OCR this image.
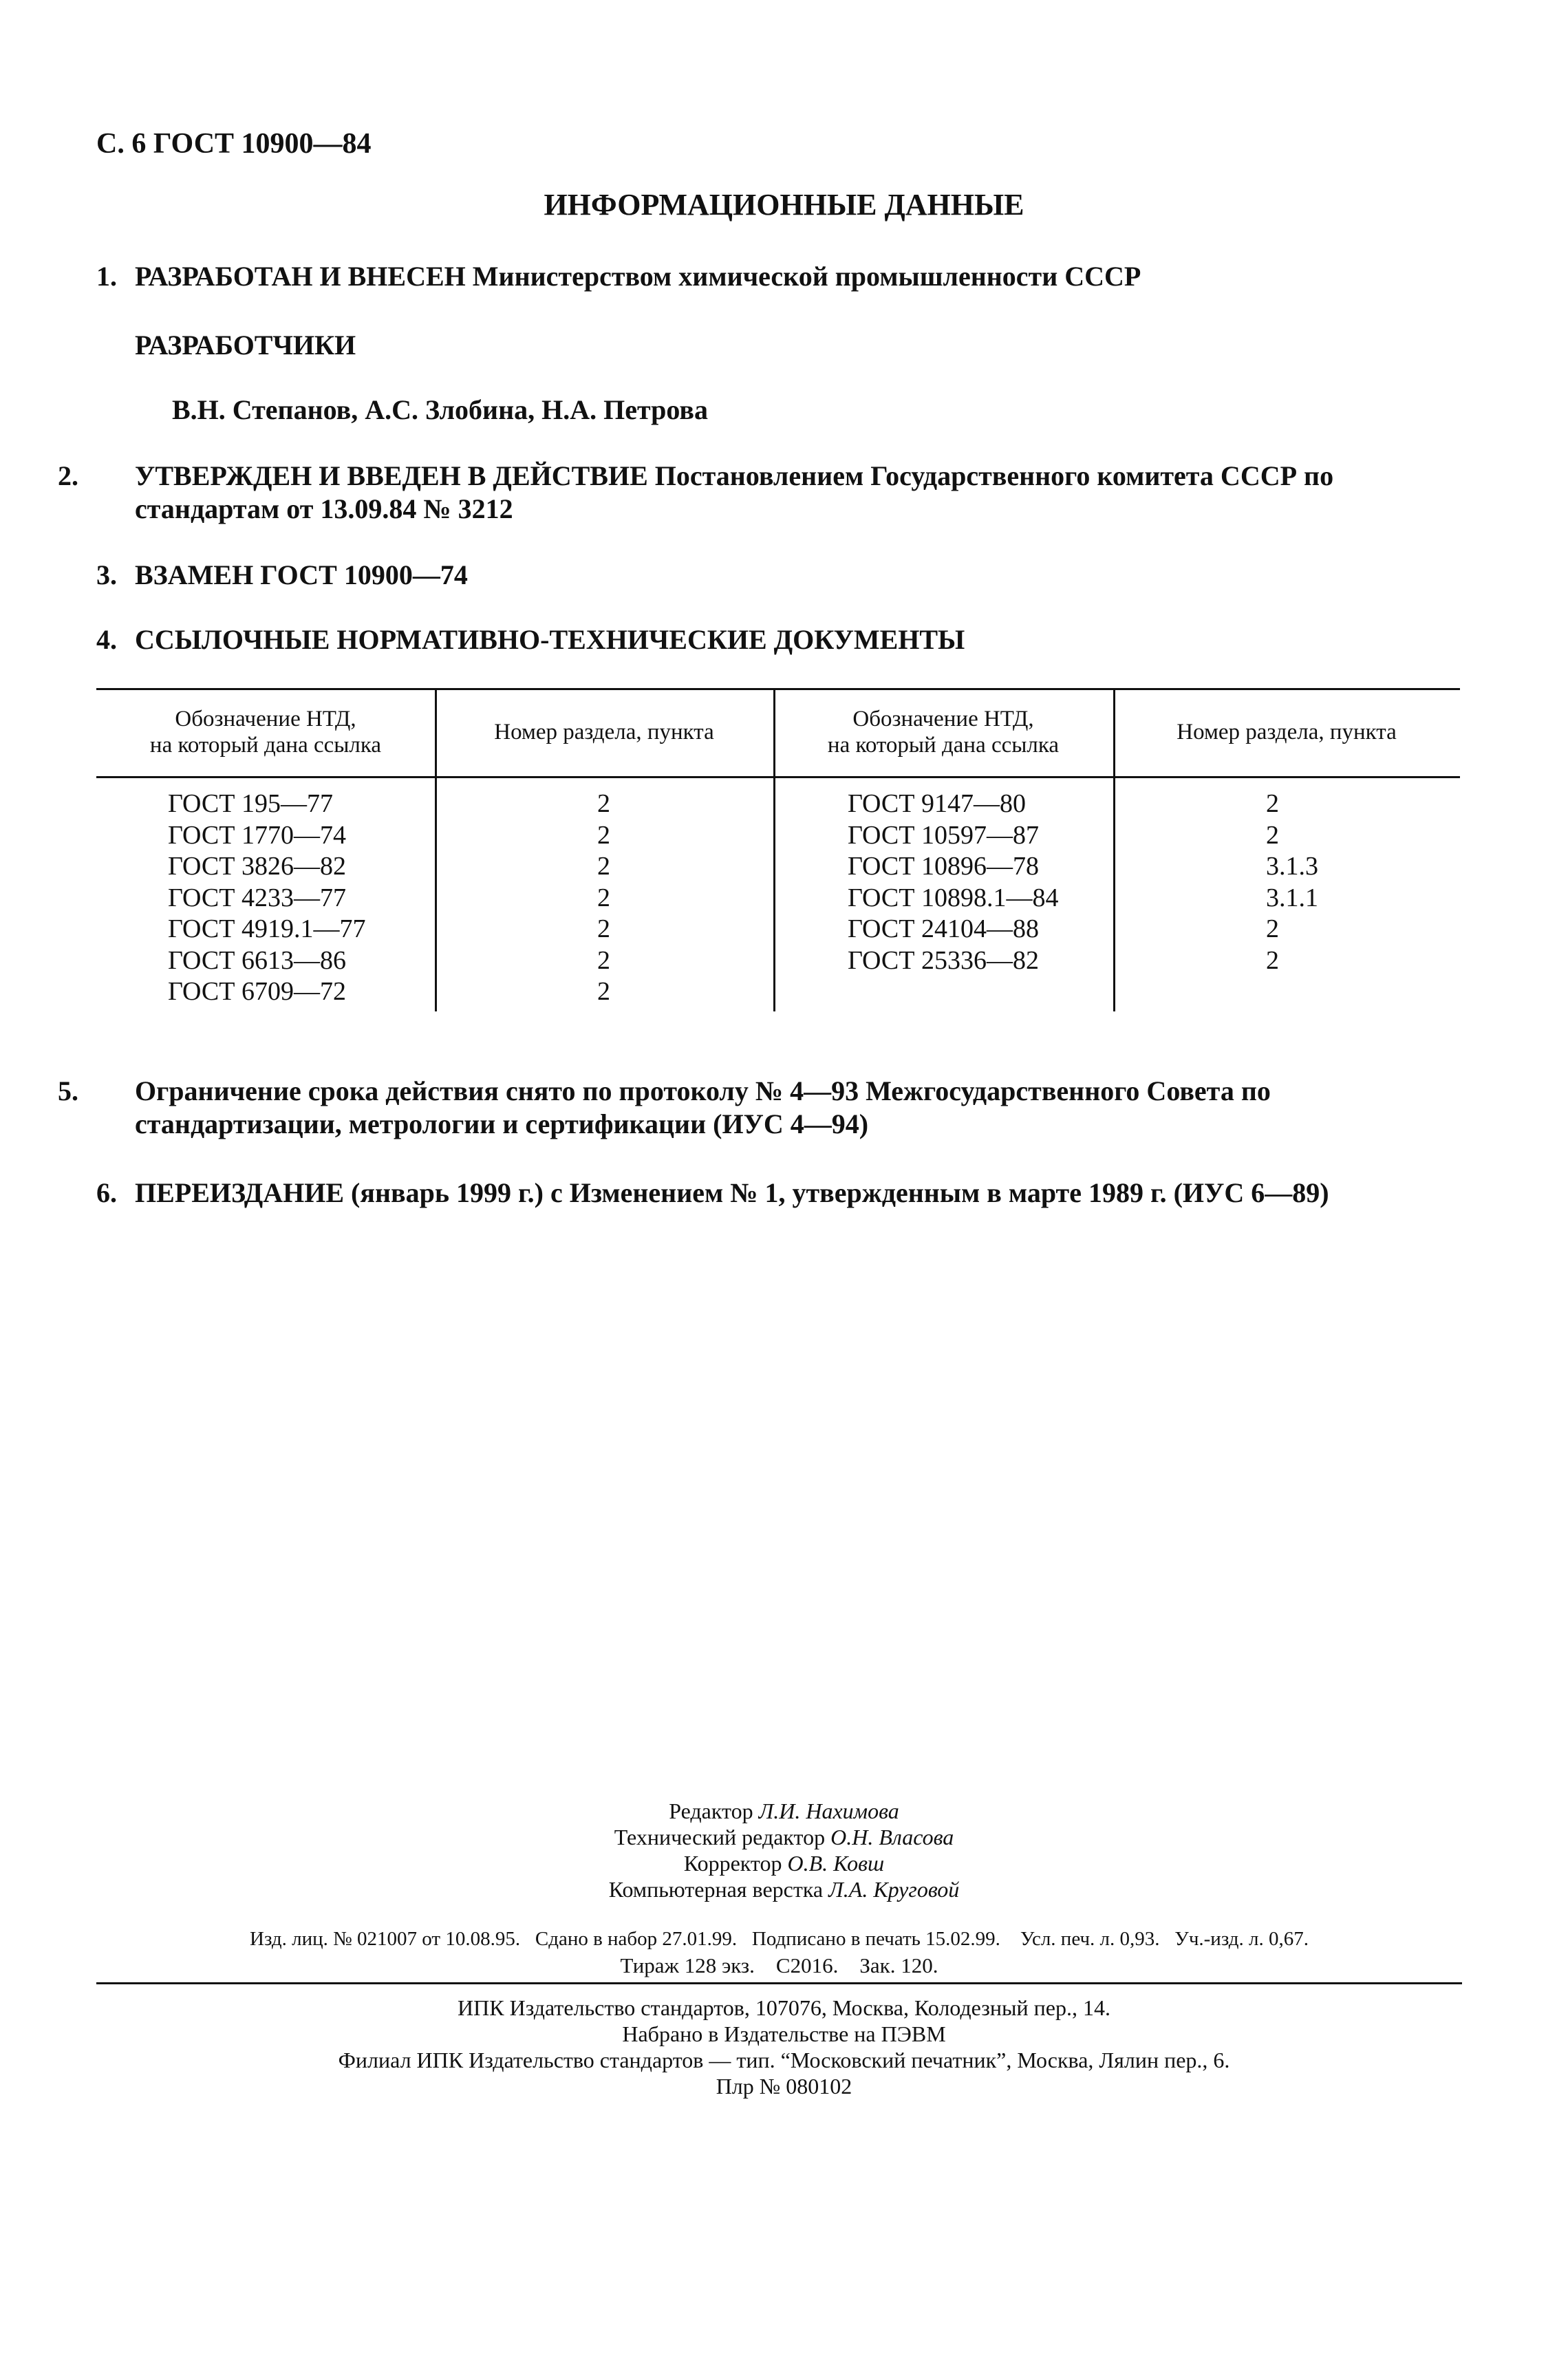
С. 6 ГОСТ 10900—84
ИНФОРМАЦИОННЫЕ ДАННЫЕ
1. РАЗРАБОТАН И ВНЕСЕН Министерством химической промышленности СССР
РАЗРАБОТЧИКИ
В.Н. Степанов, А.С. Злобина, Н.А. Петрова
2. УТВЕРЖДЕН И ВВЕДЕН В ДЕЙСТВИЕ Постановлением Государственного комитета СССР по стандартам от 13.09.84 № 3212
3. ВЗАМЕН ГОСТ 10900—74
4. ССЫЛОЧНЫЕ НОРМАТИВНО-ТЕХНИЧЕСКИЕ ДОКУМЕНТЫ
Обозначение НТД,
на который дана ссылка
Номер раздела, пункта
Обозначение НТД,
на который дана ссылка
Номер раздела, пункта
ГОСТ 195—77
ГОСТ 1770—74
ГОСТ 3826—82
ГОСТ 4233—77
ГОСТ 4919.1—77
ГОСТ 6613—86
ГОСТ 6709—72
2
2
2
2
2
2
2
ГОСТ 9147—80
ГОСТ 10597—87
ГОСТ 10896—78
ГОСТ 10898.1—84
ГОСТ 24104—88
ГОСТ 25336—82
2
2
3.1.3
3.1.1
2
2
5. Ограничение срока действия снято по протоколу № 4—93 Межгосударственного Совета по стандартизации, метрологии и сертификации (ИУС 4—94)
6. ПЕРЕИЗДАНИЕ (январь 1999 г.) с Изменением № 1, утвержденным в марте 1989 г. (ИУС 6—89)
Редактор Л.И. Нахимова
Технический редактор О.Н. Власова
Корректор О.В. Ковш
Компьютерная верстка Л.А. Круговой
Изд. лиц. № 021007 от 10.08.95.   Сдано в набор 27.01.99.   Подписано в печать 15.02.99.    Усл. печ. л. 0,93.   Уч.-изд. л. 0,67.
Тираж 128 экз.    С2016.    Зак. 120.
ИПК Издательство стандартов, 107076, Москва, Колодезный пер., 14.
Набрано в Издательстве на ПЭВМ
Филиал ИПК Издательство стандартов — тип. “Московский печатник”, Москва, Лялин пер., 6.
Плр № 080102
